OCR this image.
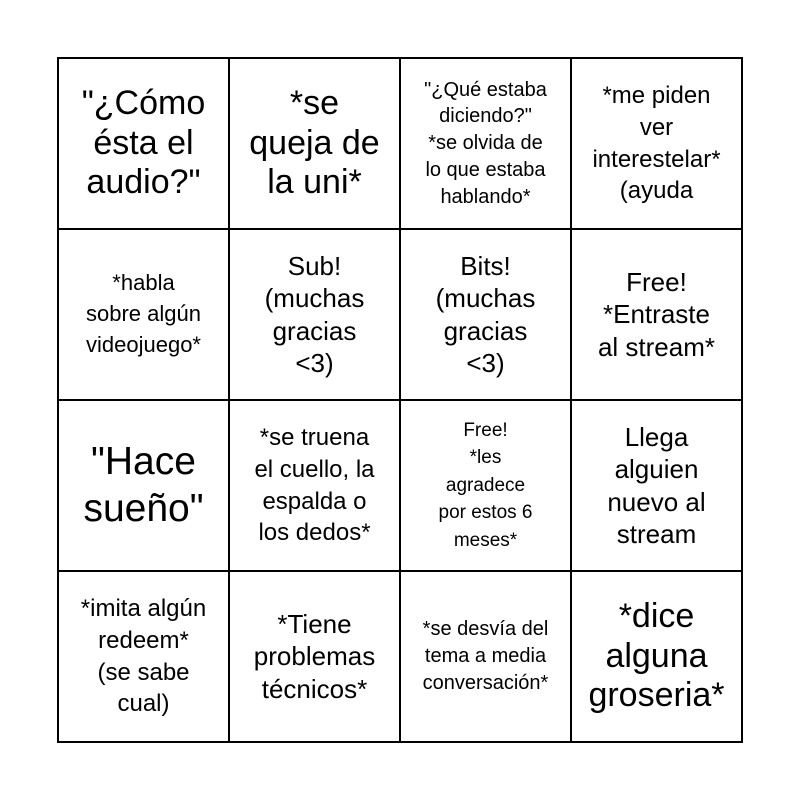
"¿Cómo
ésta el
audio?"
*se
queja de
la uni*
"¿Qué estaba
diciendo?"
*se olvida de
lo que estaba
hablando*
*me piden
ver
interestelar*
(ayuda
*habla
sobre algún
videojuego*
Sub!
(muchas
gracias
<3)
Bits!
(muchas
gracias
<3)
Free!
*Entraste
al stream*
"Hace
sueño"
*se truena
el cuello, la
espalda o
los dedos*
Free!
*les
agradece
por estos 6
meses*
Llega
alguien
nuevo al
stream
*imita algún
redeem*
(se sabe
cual)
*Tiene
problemas
técnicos*
*se desvía del
tema a media
conversación*
*dice
alguna
groseria*
